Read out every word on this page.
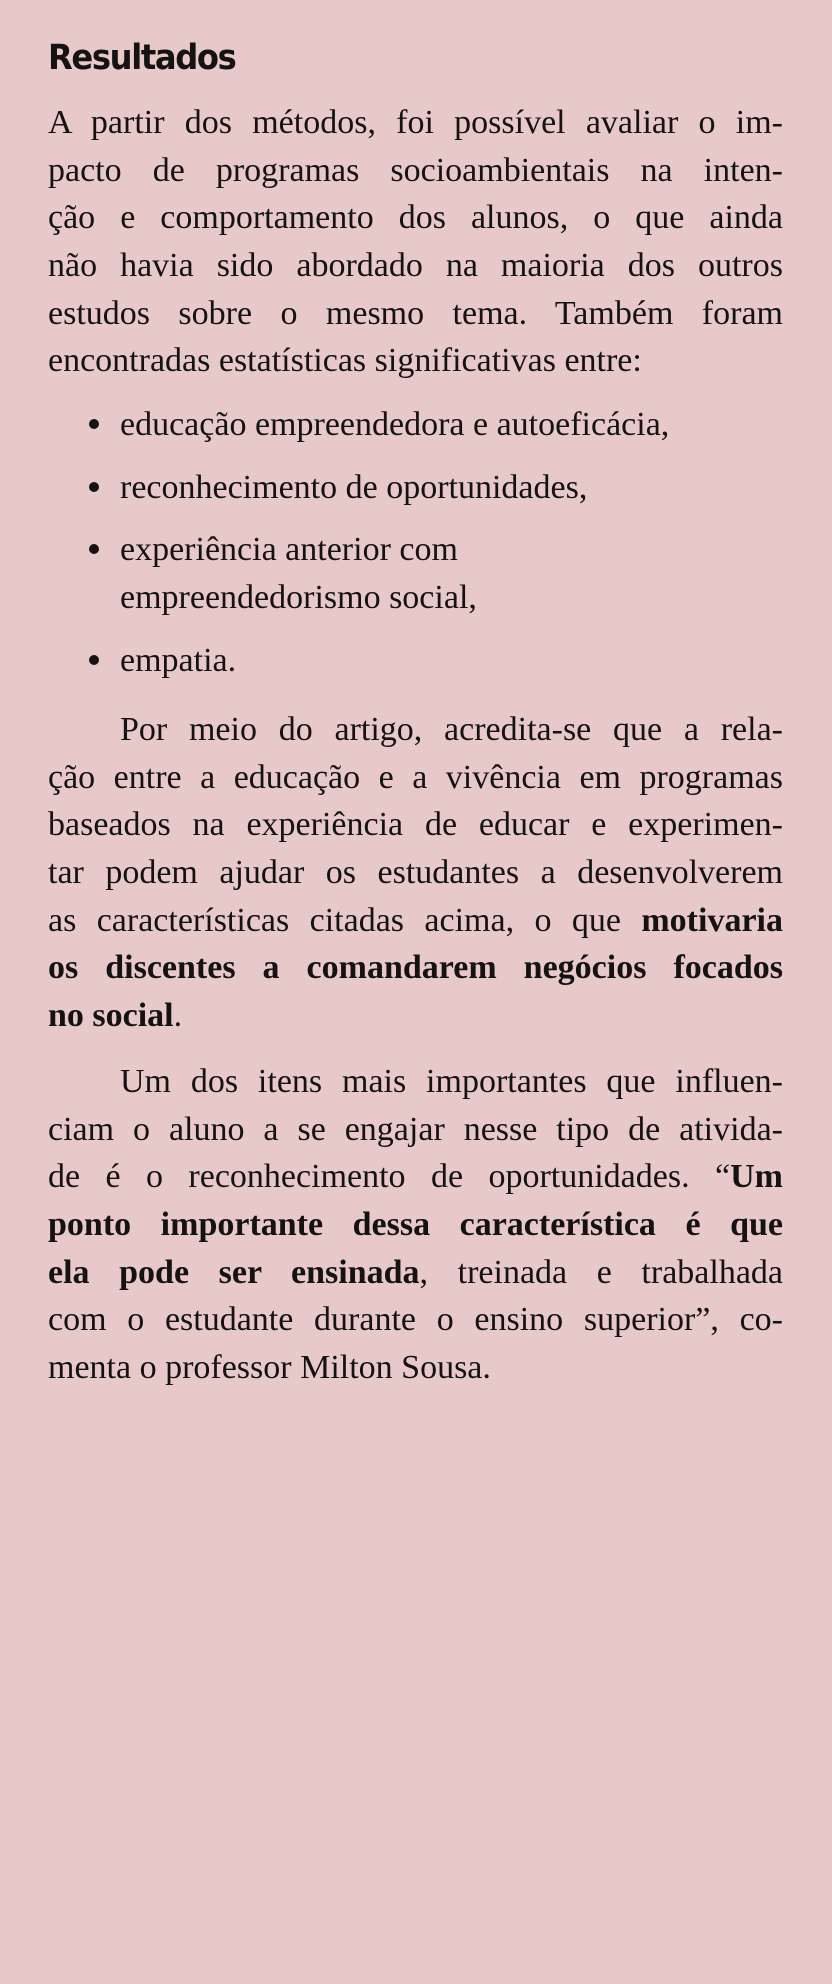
Resultados
A partir dos métodos, foi possível avaliar o im-
pacto de programas socioambientais na inten-
ção e comportamento dos alunos, o que ainda
não havia sido abordado na maioria dos outros
estudos sobre o mesmo tema. Também foram
encontradas estatísticas significativas entre:
educação empreendedora e autoeficácia,
reconhecimento de oportunidades,
experiência anterior com
empreendedorismo social,
empatia.
Por meio do artigo, acredita-se que a rela-
ção entre a educação e a vivência em programas
baseados na experiência de educar e experimen-
tar podem ajudar os estudantes a desenvolverem
as características citadas acima, o que motivaria
os discentes a comandarem negócios focados
no social.
Um dos itens mais importantes que influen-
ciam o aluno a se engajar nesse tipo de ativida-
de é o reconhecimento de oportunidades. “Um
ponto importante dessa característica é que
ela pode ser ensinada, treinada e trabalhada
com o estudante durante o ensino superior”, co-
menta o professor Milton Sousa.
